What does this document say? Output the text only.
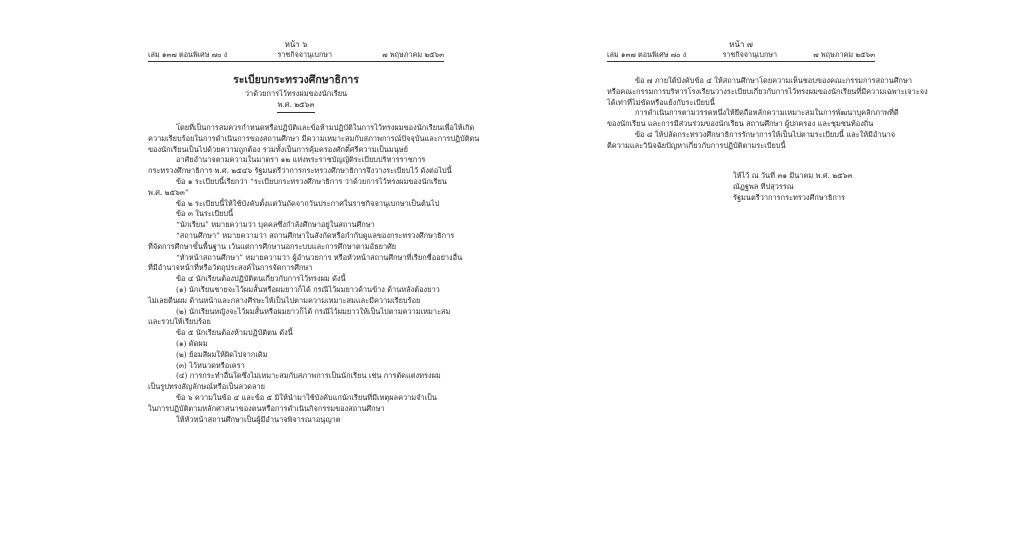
หน้า ๖
เล่ม ๑๓๗ ตอนพิเศษ ๗๐ ง	ราชกิจจานุเบกษา	๗ พฤษภาคม ๒๕๖๓
ระเบียบกระทรวงศึกษาธิการ
ว่าด้วยการไว้ทรงผมของนักเรียน
พ.ศ. ๒๕๖๓

โดยที่เป็นการสมควรกำหนดหรือปฏิบัติและข้อห้ามปฏิบัติในการไว้ทรงผมของนักเรียนเพื่อให้เกิด

ความเรียบร้อยในการดำเนินการของสถานศึกษา มีความเหมาะสมกับสภาพการณ์ปัจจุบันและการปฏิบัติตน

ของนักเรียนเป็นไปด้วยความถูกต้อง รวมทั้งเป็นการคุ้มครองศักดิ์ศรีความเป็นมนุษย์

อาศัยอำนาจตามความในมาตรา ๑๒ แห่งพระราชบัญญัติระเบียบบริหารราชการ

กระทรวงศึกษาธิการ พ.ศ. ๒๕๔๖ รัฐมนตรีว่าการกระทรวงศึกษาธิการจึงวางระเบียบไว้ ดังต่อไปนี้

ข้อ ๑ ระเบียบนี้เรียกว่า “ระเบียบกระทรวงศึกษาธิการ ว่าด้วยการไว้ทรงผมของนักเรียน

พ.ศ. ๒๕๖๓”

ข้อ ๒ ระเบียบนี้ให้ใช้บังคับตั้งแต่วันถัดจากวันประกาศในราชกิจจานุเบกษาเป็นต้นไป

ข้อ ๓ ในระเบียบนี้

“นักเรียน” หมายความว่า บุคคลซึ่งกำลังศึกษาอยู่ในสถานศึกษา

“สถานศึกษา” หมายความว่า สถานศึกษาในสังกัดหรือกำกับดูแลของกระทรวงศึกษาธิการ

ที่จัดการศึกษาขั้นพื้นฐาน เว้นแต่การศึกษานอกระบบและการศึกษาตามอัธยาศัย

“หัวหน้าสถานศึกษา” หมายความว่า ผู้อำนวยการ หรือหัวหน้าสถานศึกษาที่เรียกชื่ออย่างอื่น

ที่มีอำนาจหน้าที่หรือวัตถุประสงค์ในการจัดการศึกษา

ข้อ ๔ นักเรียนต้องปฏิบัติตนเกี่ยวกับการไว้ทรงผม ดังนี้

(๑) นักเรียนชายจะไว้ผมสั้นหรือผมยาวก็ได้ กรณีไว้ผมยาวด้านข้าง ด้านหลังต้องยาว

ไม่เลยตีนผม ด้านหน้าและกลางศีรษะให้เป็นไปตามความเหมาะสมและมีความเรียบร้อย

(๒) นักเรียนหญิงจะไว้ผมสั้นหรือผมยาวก็ได้ กรณีไว้ผมยาวให้เป็นไปตามความเหมาะสม

และรวบให้เรียบร้อย

ข้อ ๕ นักเรียนต้องห้ามปฏิบัติตน ดังนี้

(๑) ดัดผม

(๒) ย้อมสีผมให้ผิดไปจากเดิม

(๓) ไว้หนวดหรือเครา

(๔) การกระทำอื่นใดซึ่งไม่เหมาะสมกับสภาพการเป็นนักเรียน เช่น การตัดแต่งทรงผม

เป็นรูปทรงสัญลักษณ์หรือเป็นลวดลาย

ข้อ ๖ ความในข้อ ๔ และข้อ ๕ มิให้นำมาใช้บังคับแก่นักเรียนที่มีเหตุผลความจำเป็น

ในการปฏิบัติตามหลักศาสนาของตนหรือการดำเนินกิจกรรมของสถานศึกษา

ให้หัวหน้าสถานศึกษาเป็นผู้มีอำนาจพิจารณาอนุญาต

หน้า ๗
เล่ม ๑๓๗ ตอนพิเศษ ๗๐ ง	ราชกิจจานุเบกษา	๗ พฤษภาคม ๒๕๖๓

ข้อ ๗ ภายใต้บังคับข้อ ๔ ให้สถานศึกษาโดยความเห็นชอบของคณะกรรมการสถานศึกษา

หรือคณะกรรมการบริหารโรงเรียนวางระเบียบเกี่ยวกับการไว้ทรงผมของนักเรียนที่มีความเฉพาะเจาะจง

ได้เท่าที่ไม่ขัดหรือแย้งกับระเบียบนี้

การดำเนินการตามวรรคหนึ่งให้ยึดถือหลักความเหมาะสมในการพัฒนาบุคลิกภาพที่ดี

ของนักเรียน และการมีส่วนร่วมของนักเรียน สถานศึกษา ผู้ปกครอง และชุมชนท้องถิ่น

ข้อ ๘ ให้ปลัดกระทรวงศึกษาธิการรักษาการให้เป็นไปตามระเบียบนี้ และให้มีอำนาจ

ตีความและวินิจฉัยปัญหาเกี่ยวกับการปฏิบัติตามระเบียบนี้

ให้ไว้ ณ วันที่ ๓๑ มีนาคม พ.ศ. ๒๕๖๓
ณัฏฐพล ทีปสุวรรณ
รัฐมนตรีว่าการกระทรวงศึกษาธิการ
